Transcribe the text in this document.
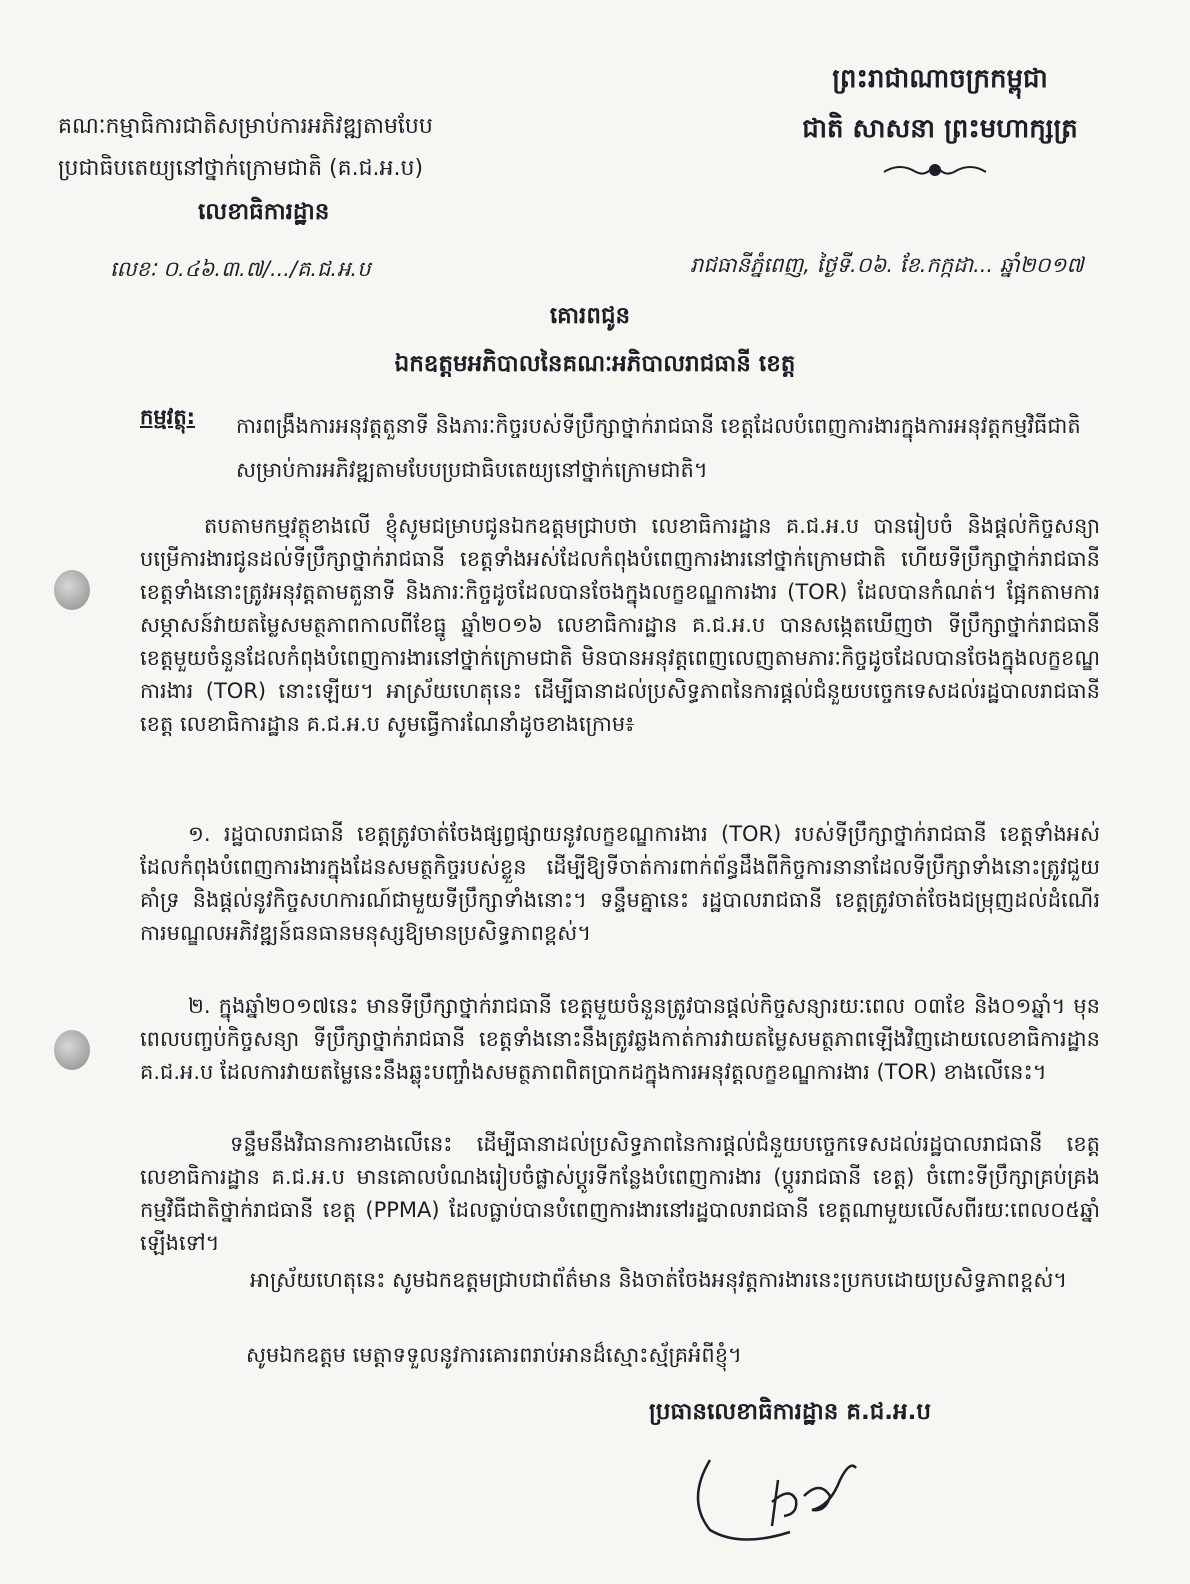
ព្រះរាជាណាចក្រកម្ពុជា
ជាតិ សាសនា ព្រះមហាក្សត្រ
គណៈកម្មាធិការជាតិសម្រាប់ការអភិវឌ្ឍតាមបែប
ប្រជាធិបតេយ្យនៅថ្នាក់ក្រោមជាតិ (គ.ជ.អ.ប)
លេខាធិការដ្ឋាន
លេខៈ ០.៤៦.៣.៧/.../គ.ជ.អ.ប	រាជធានីភ្នំពេញ, ថ្ងៃទី.០៦. ខែ.កក្កដា... ឆ្នាំ២០១៧
គោរពជូន
ឯកឧត្តមអភិបាលនៃគណៈអភិបាលរាជធានី ខេត្ត
កម្មវត្ថុ: ការពង្រឹងការអនុវត្តតួនាទី និងភារៈកិច្ចរបស់ទីប្រឹក្សាថ្នាក់រាជធានី ខេត្តដែលបំពេញការងារក្នុងការអនុវត្តកម្មវិធីជាតិសម្រាប់ការអភិវឌ្ឍតាមបែបប្រជាធិបតេយ្យនៅថ្នាក់ក្រោមជាតិ។
តបតាមកម្មវត្ថុខាងលើ ខ្ញុំសូមជម្រាបជូនឯកឧត្តមជ្រាបថា លេខាធិការដ្ឋាន គ.ជ.អ.ប បានរៀបចំ និងផ្តល់កិច្ចសន្យាបម្រើការងារជូនដល់ទីប្រឹក្សាថ្នាក់រាជធានី ខេត្តទាំងអស់ដែលកំពុងបំពេញការងារនៅថ្នាក់ក្រោមជាតិ ហើយទីប្រឹក្សាថ្នាក់រាជធានី ខេត្តទាំងនោះត្រូវអនុវត្តតាមតួនាទី និងភារៈកិច្ចដូចដែលបានចែងក្នុងលក្ខខណ្ឌការងារ (TOR) ដែលបានកំណត់។ ផ្អែកតាមការសម្ភាសន៍វាយតម្លៃសមត្ថភាពកាលពីខែធ្នូ ឆ្នាំ២០១៦ លេខាធិការដ្ឋាន គ.ជ.អ.ប បានសង្កេតឃើញថា ទីប្រឹក្សាថ្នាក់រាជធានី ខេត្តមួយចំនួនដែលកំពុងបំពេញការងារនៅថ្នាក់ក្រោមជាតិ មិនបានអនុវត្តពេញលេញតាមភារៈកិច្ចដូចដែលបានចែងក្នុងលក្ខខណ្ឌការងារ (TOR) នោះឡើយ។ អាស្រ័យហេតុនេះ ដើម្បីធានាដល់ប្រសិទ្ធភាពនៃការផ្តល់ជំនួយបច្ចេកទេសដល់រដ្ឋបាលរាជធានី ខេត្ត លេខាធិការដ្ឋាន គ.ជ.អ.ប សូមធ្វើការណែនាំដូចខាងក្រោម៖
១. រដ្ឋបាលរាជធានី ខេត្តត្រូវចាត់ចែងផ្សព្វផ្សាយនូវលក្ខខណ្ឌការងារ (TOR) របស់ទីប្រឹក្សាថ្នាក់រាជធានី ខេត្តទាំងអស់ដែលកំពុងបំពេញការងារក្នុងដែនសមត្ថកិច្ចរបស់ខ្លួន ដើម្បីឱ្យទីចាត់ការពាក់ព័ន្ធដឹងពីកិច្ចការនានាដែលទីប្រឹក្សាទាំងនោះត្រូវជួយគាំទ្រ និងផ្តល់នូវកិច្ចសហការណ៍ជាមួយទីប្រឹក្សាទាំងនោះ។ ទន្ទឹមគ្នានេះ រដ្ឋបាលរាជធានី ខេត្តត្រូវចាត់ចែងជម្រុញដល់ដំណើរការមណ្ឌលអភិវឌ្ឍន៍ធនធានមនុស្សឱ្យមានប្រសិទ្ធភាពខ្ពស់។
២. ក្នុងឆ្នាំ២០១៧នេះ មានទីប្រឹក្សាថ្នាក់រាជធានី ខេត្តមួយចំនួនត្រូវបានផ្តល់កិច្ចសន្យារយៈពេល ០៣ខែ និង០១ឆ្នាំ។ មុនពេលបញ្ចប់កិច្ចសន្យា ទីប្រឹក្សាថ្នាក់រាជធានី ខេត្តទាំងនោះនឹងត្រូវឆ្លងកាត់ការវាយតម្លៃសមត្ថភាពឡើងវិញដោយលេខាធិការដ្ឋាន គ.ជ.អ.ប ដែលការវាយតម្លៃនេះនឹងឆ្លុះបញ្ចាំងសមត្ថភាពពិតប្រាកដក្នុងការអនុវត្តលក្ខខណ្ឌការងារ (TOR) ខាងលើនេះ។
ទន្ទឹមនឹងវិធានការខាងលើនេះ ដើម្បីធានាដល់ប្រសិទ្ធភាពនៃការផ្តល់ជំនួយបច្ចេកទេសដល់រដ្ឋបាលរាជធានី ខេត្ត លេខាធិការដ្ឋាន គ.ជ.អ.ប មានគោលបំណងរៀបចំផ្លាស់ប្តូរទីកន្លែងបំពេញការងារ (ប្តូររាជធានី ខេត្ត) ចំពោះទីប្រឹក្សាគ្រប់គ្រងកម្មវិធីជាតិថ្នាក់រាជធានី ខេត្ត (PPMA) ដែលធ្លាប់បានបំពេញការងារនៅរដ្ឋបាលរាជធានី ខេត្តណាមួយលើសពីរយៈពេល០៥ឆ្នាំឡើងទៅ។
អាស្រ័យហេតុនេះ សូមឯកឧត្តមជ្រាបជាព័ត៌មាន និងចាត់ចែងអនុវត្តការងារនេះប្រកបដោយប្រសិទ្ធភាពខ្ពស់។
សូមឯកឧត្តម មេត្តាទទួលនូវការគោរពរាប់អានដ៏ស្មោះស្ម័គ្រអំពីខ្ញុំ។
ប្រធានលេខាធិការដ្ឋាន គ.ជ.អ.ប
